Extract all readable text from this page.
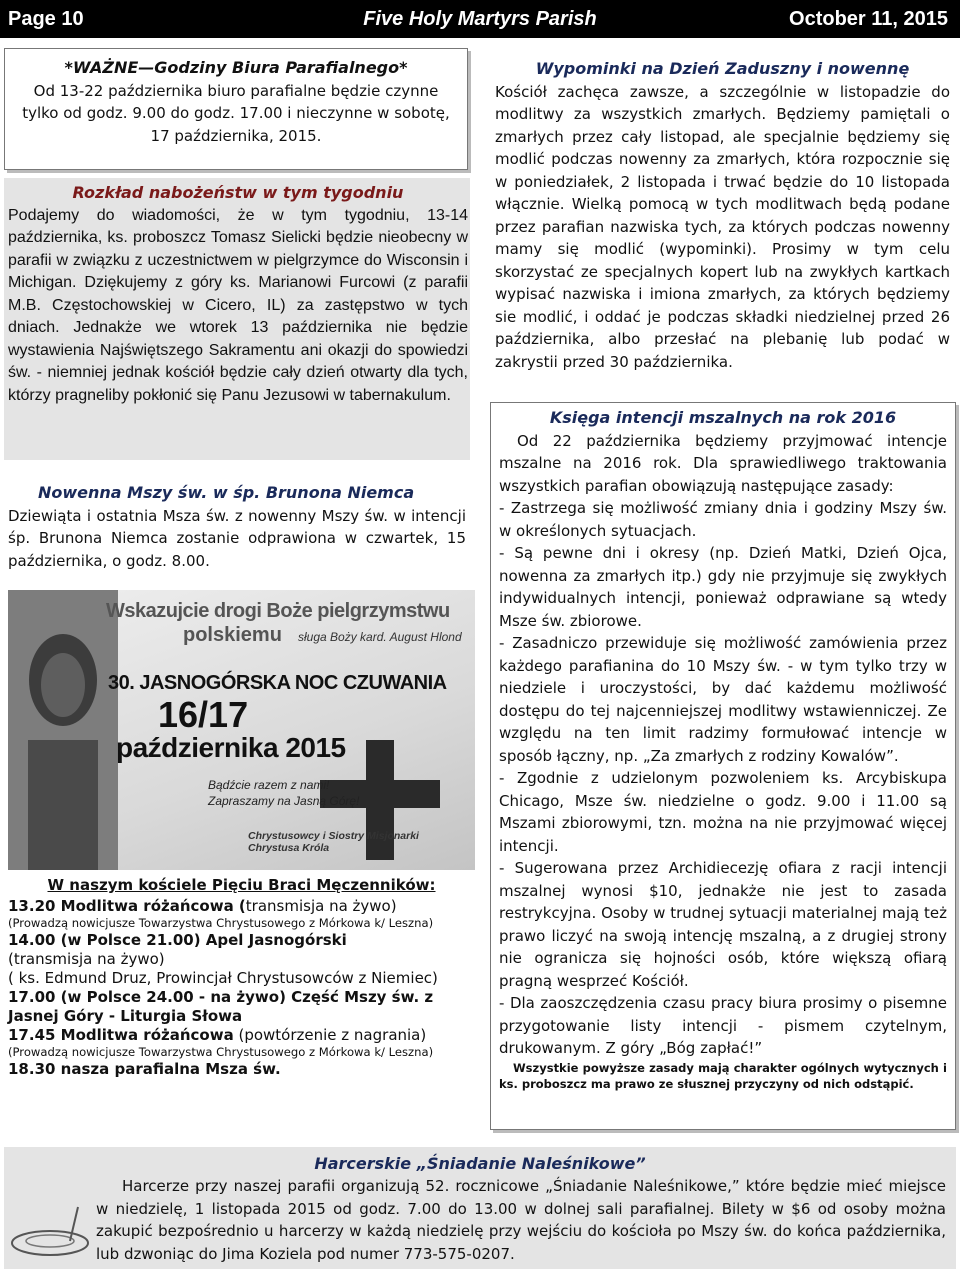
Page 10	Five Holy Martyrs Parish	October 11, 2015
*WAŻNE—Godziny Biura Parafialnego*

Od 13-22 października biuro parafialne będzie czynne tylko od godz. 9.00 do godz. 17.00 i nieczynne w sobotę, 17 października, 2015.

Rozkład nabożeństw w tym tygodniu

Podajemy do wiadomości, że w tym tygodniu, 13-14 października, ks. proboszcz Tomasz Sielicki będzie nieobecny w parafii w związku z uczestnictwem w pielgrzymce do Wisconsin i Michigan. Dziękujemy z góry ks. Marianowi Furcowi (z parafii M.B. Częstochowskiej w Cicero, IL) za zastępstwo w tych dniach. Jednakże we wtorek 13 października nie będzie wystawienia Najświętszego Sakramentu ani okazji do spowiedzi św. - niemniej jednak kościół będzie cały dzień otwarty dla tych, którzy pragneliby pokłonić się Panu Jezusowi w tabernakulum.

Nowenna Mszy św. w śp. Brunona Niemca

Dziewiąta i ostatnia Msza św. z nowenny Mszy św. w intencji śp. Brunona Niemca zostanie odprawiona w czwartek, 15 października, o godz. 8.00.

Wskazujcie drogi Boże pielgrzymstwu
polskiemu sługa Boży kard. August Hlond
30. JASNOGÓRSKA NOC CZUWANIA
16/17
października 2015
Bądźcie razem z nami!
Zapraszamy na Jasną Górę!
Chrystusowcy i Siostry Misjonarki Chrystusa Króla
W naszym kościele Pięciu Braci Męczenników:
13.20 Modlitwa różańcowa (transmisja na żywo)
(Prowadzą nowicjusze Towarzystwa Chrystusowego z Mórkowa k/ Leszna)
14.00 (w Polsce 21.00) Apel Jasnogórski
(transmisja na żywo)
( ks. Edmund Druz, Prowincjał Chrystusowców z Niemiec)
17.00 (w Polsce 24.00 - na żywo) Część Mszy św. z Jasnej Góry - Liturgia Słowa
17.45 Modlitwa różańcowa (powtórzenie z nagrania)
(Prowadzą nowicjusze Towarzystwa Chrystusowego z Mórkowa k/ Leszna)
18.30 nasza parafialna Msza św.
Wypominki na Dzień Zaduszny i nowennę

Kościół zachęca zawsze, a szczególnie w listopadzie do modlitwy za wszystkich zmarłych. Będziemy pamiętali o zmarłych przez cały listopad, ale specjalnie będziemy się modlić podczas nowenny za zmarłych, która rozpocznie się w poniedziałek, 2 listopada i trwać będzie do 10 listopada włącznie. Wielką pomocą w tych modlitwach będą podane przez parafian nazwiska tych, za których podczas nowenny mamy się modlić (wypominki). Prosimy w tym celu skorzystać ze specjalnych kopert lub na zwykłych kartkach wypisać nazwiska i imiona zmarłych, za których będziemy sie modlić, i oddać je podczas składki niedzielnej przed 26 października, albo przesłać na plebanię lub podać w zakrystii przed 30 października.

Księga intencji mszalnych na rok 2016

Od 22 października będziemy przyjmować intencje mszalne na 2016 rok. Dla sprawiedliwego traktowania wszystkich parafian obowiązują następujące zasady:

- Zastrzega się możliwość zmiany dnia i godziny Mszy św. w określonych sytuacjach.

- Są pewne dni i okresy (np. Dzień Matki, Dzień Ojca, nowenna za zmarłych itp.) gdy nie przyjmuje się zwykłych indywidualnych intencji, ponieważ odprawiane są wtedy Msze św. zbiorowe.

- Zasadniczo przewiduje się możliwość zamówienia przez każdego parafianina do 10 Mszy św. - w tym tylko trzy w niedziele i uroczystości, by dać każdemu możliwość dostępu do tej najcenniejszej modlitwy wstawienniczej. Ze względu na ten limit radzimy formułować intencje w sposób łączny, np. „Za zmarłych z rodziny Kowalów”.

- Zgodnie z udzielonym pozwoleniem ks. Arcybiskupa Chicago, Msze św. niedzielne o godz. 9.00 i 11.00 są Mszami zbiorowymi, tzn. można na nie przyjmować więcej intencji.

- Sugerowana przez Archidiecezję ofiara z racji intencji mszalnej wynosi $10, jednakże nie jest to zasada restrykcyjna. Osoby w trudnej sytuacji materialnej mają też prawo liczyć na swoją intencję mszalną, a z drugiej strony nie ogranicza się hojności osób, które większą ofiarą pragną wesprzeć Kościół.

- Dla zaoszczędzenia czasu pracy biura prosimy o pisemne przygotowanie listy intencji - pismem czytelnym, drukowanym. Z góry „Bóg zapłać!”

Wszystkie powyższe zasady mają charakter ogólnych wytycznych i ks. proboszcz ma prawo ze słusznej przyczyny od nich odstąpić.

Harcerskie „Śniadanie Naleśnikowe”

Harcerze przy naszej parafii organizują 52. rocznicowe „Śniadanie Naleśnikowe,” które będzie mieć miejsce w niedzielę, 1 listopada 2015 od godz. 7.00 do 13.00 w dolnej sali parafialnej. Bilety w $6 od osoby można zakupić bezpośrednio u harcerzy w każdą niedzielę przy wejściu do kościoła po Mszy św. do końca października, lub dzwoniąc do Jima Koziela pod numer 773-575-0207.
